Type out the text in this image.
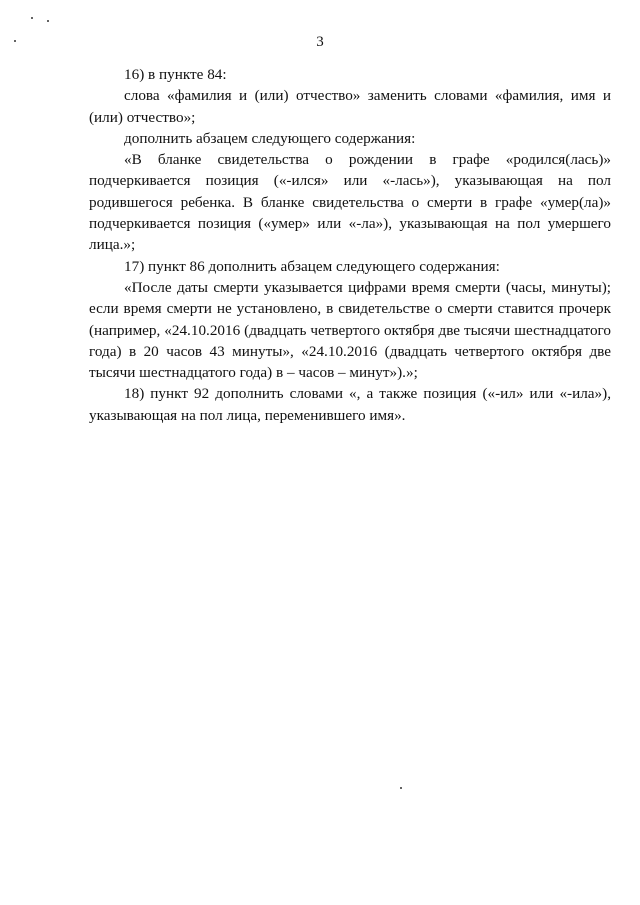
3

16) в пункте 84:

слова «фамилия и (или) отчество» заменить словами «фамилия, имя и (или) отчество»;

дополнить абзацем следующего содержания:

«В бланке свидетельства о рождении в графе «родился(лась)» подчеркивается позиция («-ился» или «-лась»), указывающая на пол родившегося ребенка. В бланке свидетельства о смерти в графе «умер(ла)» подчеркивается позиция («умер» или «-ла»), указывающая на пол умершего лица.»;

17) пункт 86 дополнить абзацем следующего содержания:

«После даты смерти указывается цифрами время смерти (часы, минуты); если время смерти не установлено, в свидетельстве о смерти ставится прочерк (например, «24.10.2016 (двадцать четвертого октября две тысячи шестнадцатого года) в 20 часов 43 минуты», «24.10.2016 (двадцать четвертого октября две тысячи шестнадцатого года) в – часов – минут»).»;

18) пункт 92 дополнить словами «, а также позиция («-ил» или «-ила»), указывающая на пол лица, переменившего имя».
